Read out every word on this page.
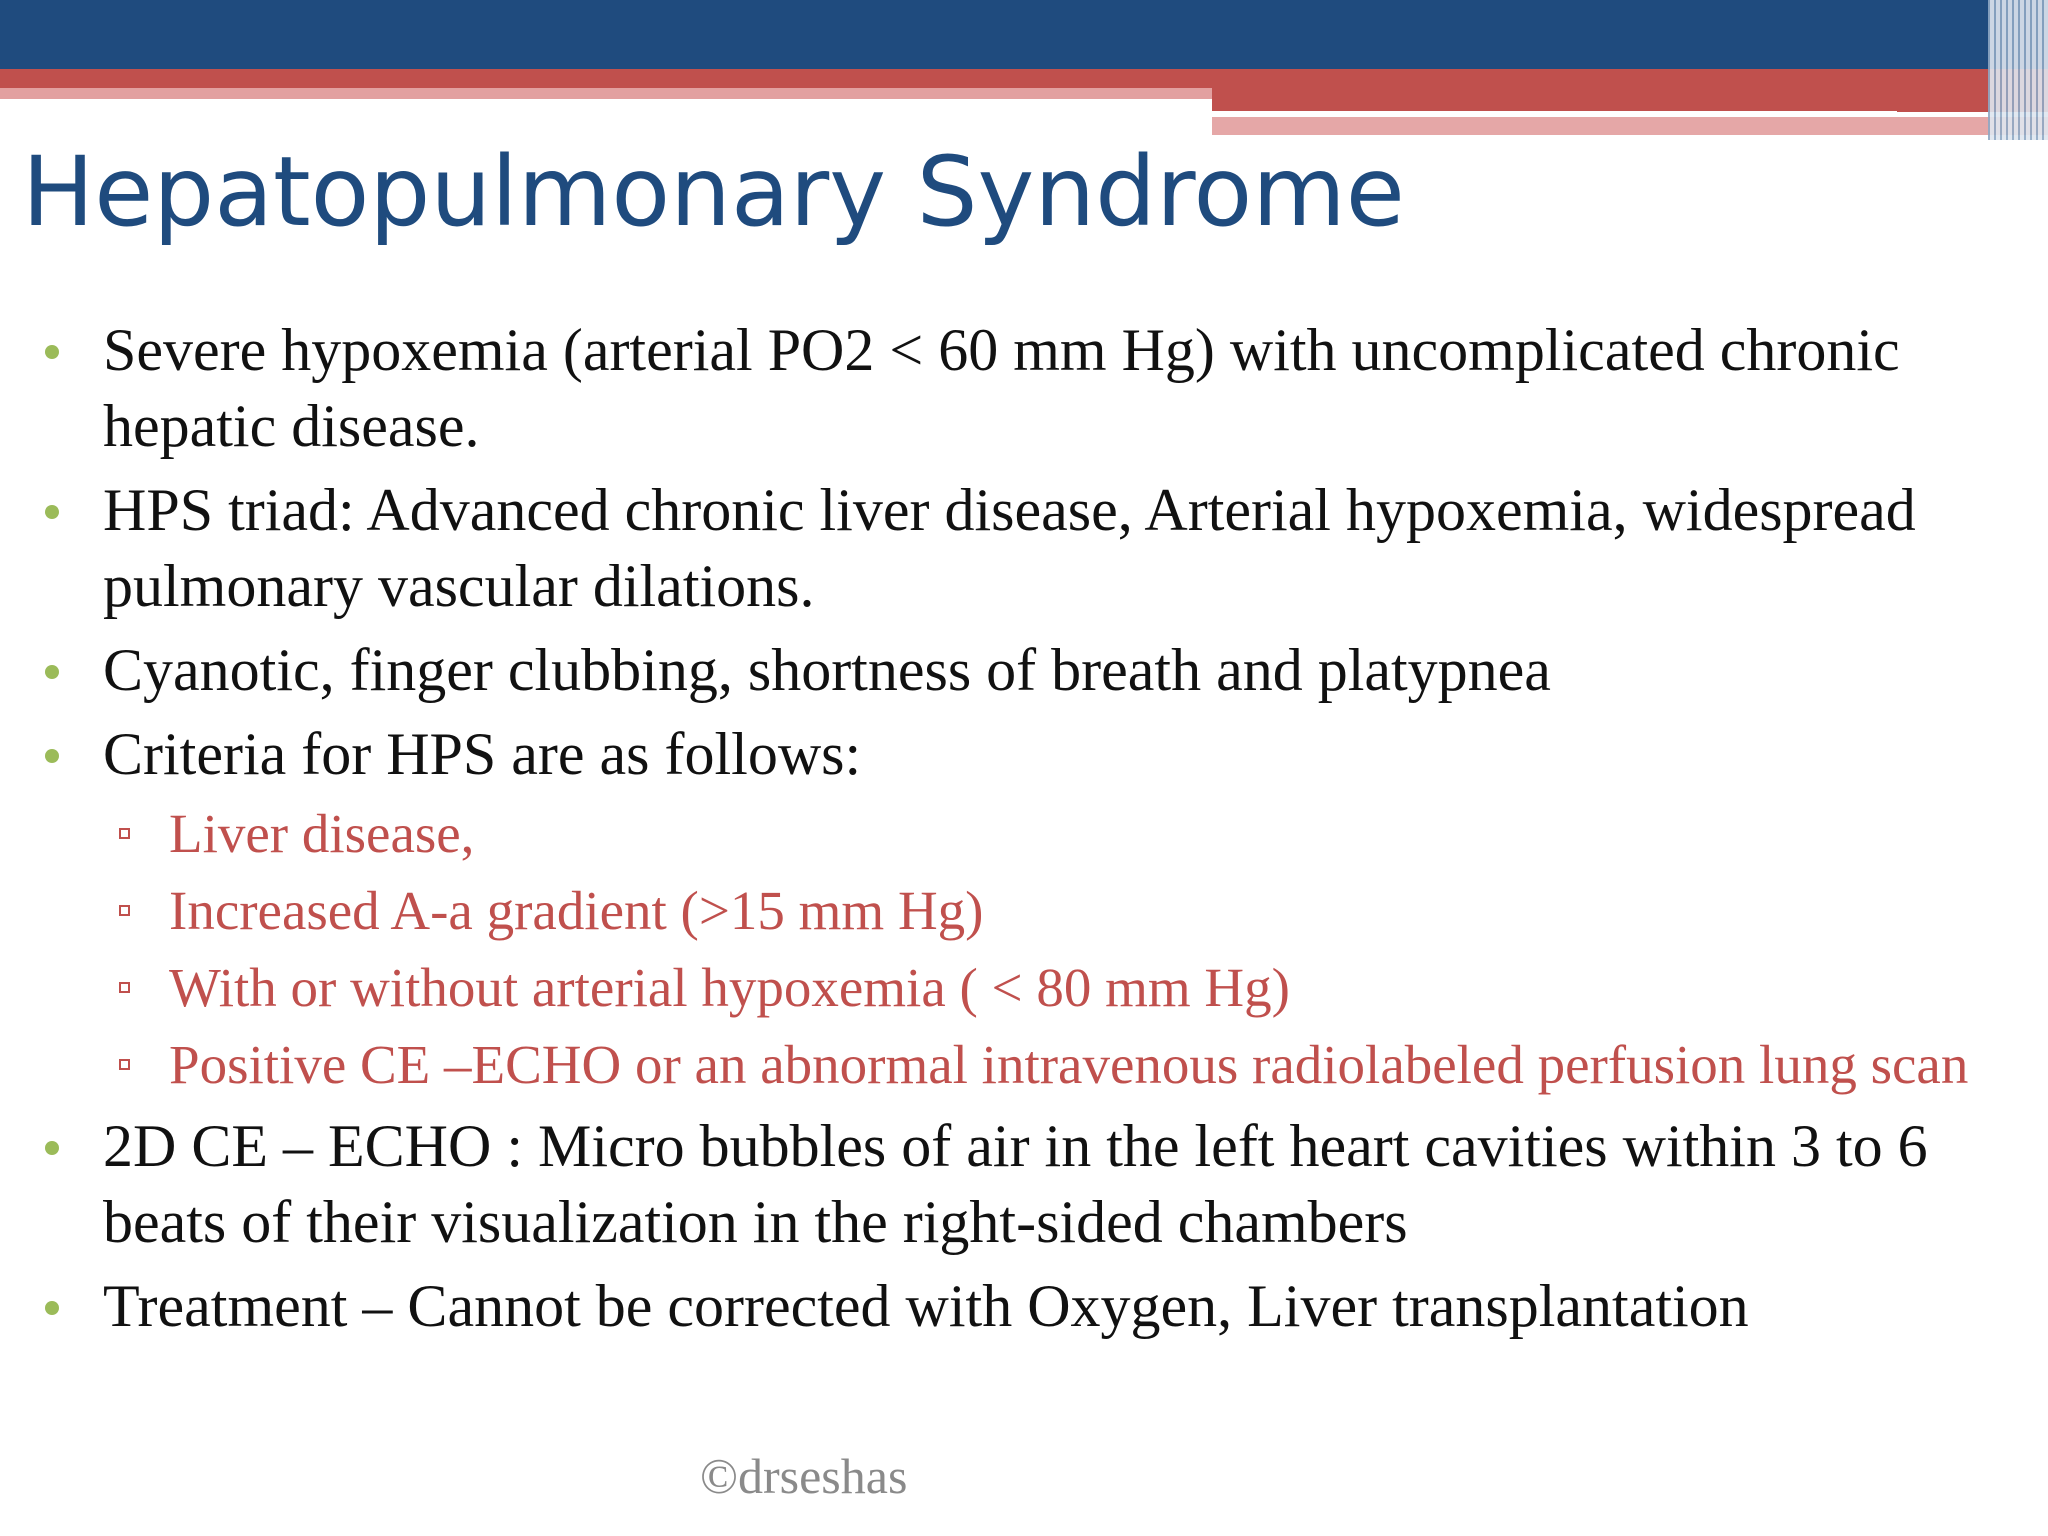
Hepatopulmonary Syndrome
Severe hypoxemia (arterial PO2 < 60 mm Hg) with uncomplicated chronic hepatic disease.
HPS triad: Advanced chronic liver disease, Arterial hypoxemia, widespread pulmonary vascular dilations.
Cyanotic, finger clubbing, shortness of breath and platypnea
Criteria for HPS are as follows:
Liver disease,
Increased A-a gradient (>15 mm Hg)
With or without arterial hypoxemia ( < 80 mm Hg)
Positive CE –ECHO or an abnormal intravenous radiolabeled perfusion lung scan
2D CE – ECHO : Micro bubbles of air in the left heart cavities within 3 to 6 beats of their visualization in the right-sided chambers
Treatment – Cannot be corrected with Oxygen, Liver transplantation

©drseshas
